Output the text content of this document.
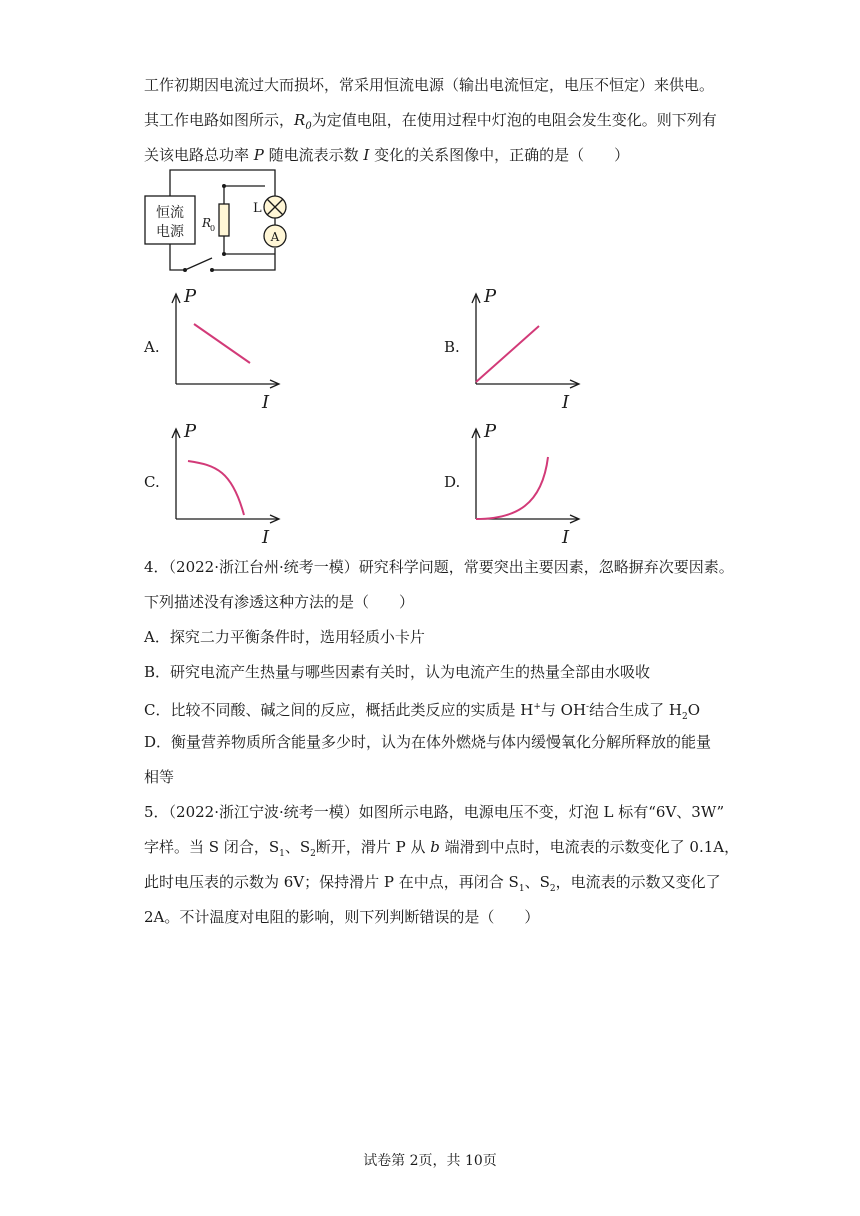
工作初期因电流过大而损坏，常采用恒流电源（输出电流恒定，电压不恒定）来供电。
其工作电路如图所示，$R_0$为定值电阻，在使用过程中灯泡的电阻会发生变化。则下列有
关该电路总功率 P 随电流表示数 I 变化的关系图像中，正确的是（　　）
恒流
电源
R
0
L
A
A.	B.
C.	D.
P
I
P
I
P
I
P
I
4．（2022·浙江台州·统考一模）研究科学问题，常要突出主要因素，忽略摒弃次要因素。
下列描述没有渗透这种方法的是（　　）
A．探究二力平衡条件时，选用轻质小卡片
B．研究电流产生热量与哪些因素有关时，认为电流产生的热量全部由水吸收
C．比较不同酸、碱之间的反应，概括此类反应的实质是 H+与 OH-结合生成了 $H_2O$
D．衡量营养物质所含能量多少时，认为在体外燃烧与体内缓慢氧化分解所释放的能量
相等
5．（2022·浙江宁波·统考一模）如图所示电路，电源电压不变，灯泡 L 标有“6V、3W”
字样。当 S 闭合，$S_1$、$S_2$断开，滑片 P 从 b 端滑到中点时，电流表的示数变化了 0.1A，
此时电压表的示数为 6V；保持滑片 P 在中点，再闭合 $S_1$、$S_2$，电流表的示数又变化了
2A。不计温度对电阻的影响，则下列判断错误的是（　　）
试卷第 2页，共 10页
